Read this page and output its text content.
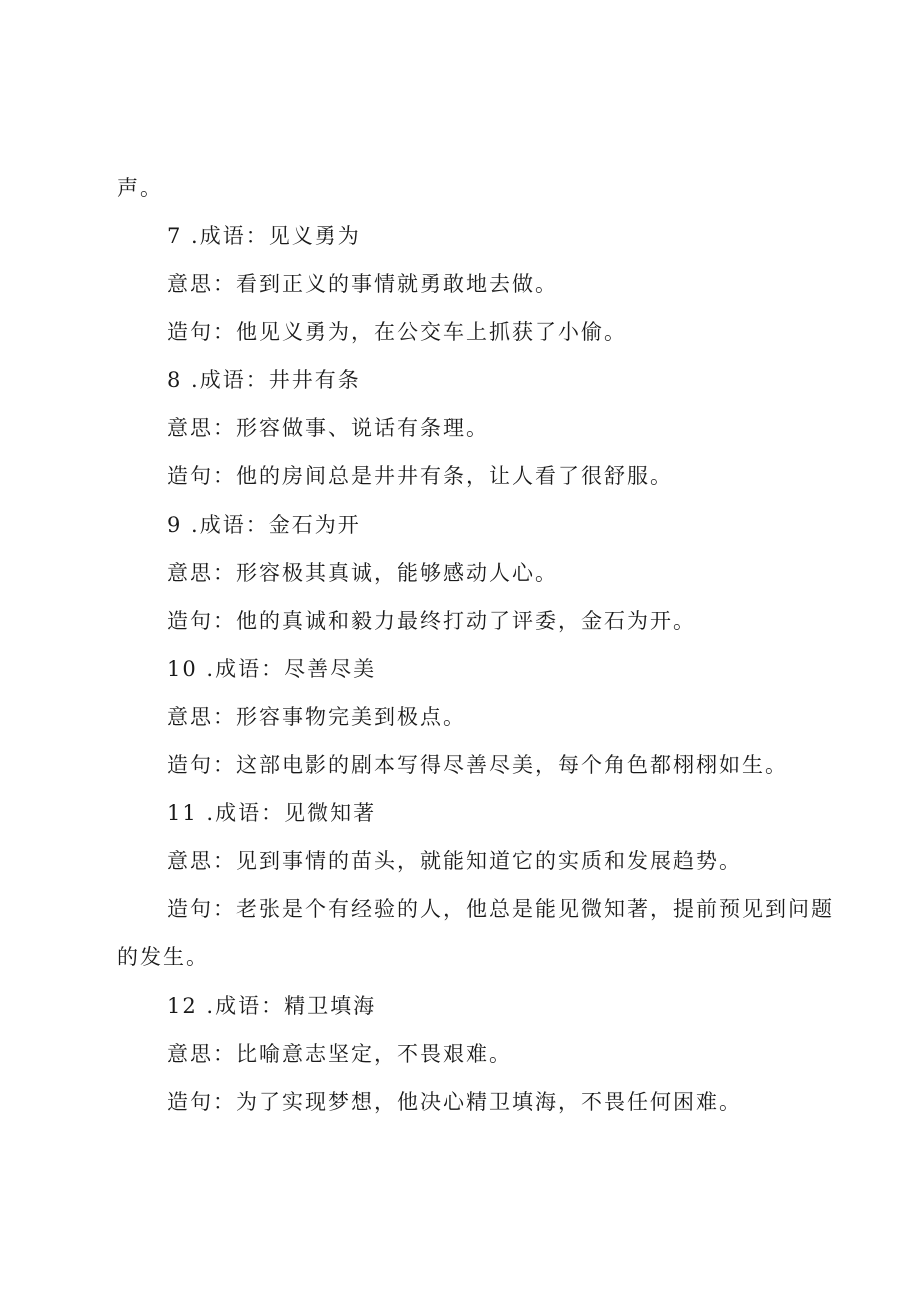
声。
7 .成语：见义勇为
意思：看到正义的事情就勇敢地去做。
造句：他见义勇为，在公交车上抓获了小偷。
8 .成语：井井有条
意思：形容做事、说话有条理。
造句：他的房间总是井井有条，让人看了很舒服。
9 .成语：金石为开
意思：形容极其真诚，能够感动人心。
造句：他的真诚和毅力最终打动了评委，金石为开。
10 .成语：尽善尽美
意思：形容事物完美到极点。
造句：这部电影的剧本写得尽善尽美，每个角色都栩栩如生。
11 .成语：见微知著
意思：见到事情的苗头，就能知道它的实质和发展趋势。
造句：老张是个有经验的人，他总是能见微知著，提前预见到问题
的发生。
12 .成语：精卫填海
意思：比喻意志坚定，不畏艰难。
造句：为了实现梦想，他决心精卫填海，不畏任何困难。
